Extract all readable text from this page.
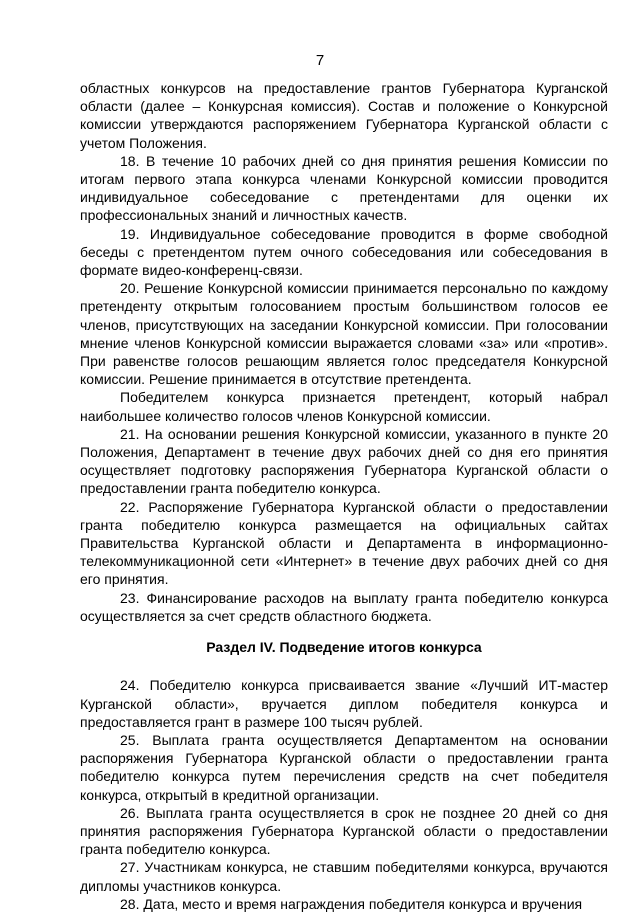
7

областных конкурсов на предоставление грантов Губернатора Курганской области (далее – Конкурсная комиссия). Состав и положение о Конкурсной комиссии утверждаются распоряжением Губернатора Курганской области с учетом Положения.

18. В течение 10 рабочих дней со дня принятия решения Комиссии по итогам первого этапа конкурса членами Конкурсной комиссии проводится индивидуальное собеседование с претендентами для оценки их профессиональных знаний и личностных качеств.

19. Индивидуальное собеседование проводится в форме свободной беседы с претендентом путем очного собеседования или собеседования в формате видео-конференц-связи.

20. Решение Конкурсной комиссии принимается персонально по каждому претенденту открытым голосованием простым большинством голосов ее членов, присутствующих на заседании Конкурсной комиссии. При голосовании мнение членов Конкурсной комиссии выражается словами «за» или «против». При равенстве голосов решающим является голос председателя Конкурсной комиссии. Решение принимается в отсутствие претендента.

Победителем конкурса признается претендент, который набрал наибольшее количество голосов членов Конкурсной комиссии.

21. На основании решения Конкурсной комиссии, указанного в пункте 20 Положения, Департамент в течение двух рабочих дней со дня его принятия осуществляет подготовку распоряжения Губернатора Курганской области о предоставлении гранта победителю конкурса.

22. Распоряжение Губернатора Курганской области о предоставлении гранта победителю конкурса размещается на официальных сайтах Правительства Курганской области и Департамента в информационно-телекоммуникационной сети «Интернет» в течение двух рабочих дней со дня его принятия.

23. Финансирование расходов на выплату гранта победителю конкурса осуществляется за счет средств областного бюджета.

Раздел IV. Подведение итогов конкурса

24. Победителю конкурса присваивается звание «Лучший ИТ-мастер Курганской области», вручается диплом победителя конкурса и предоставляется грант в размере 100 тысяч рублей.

25. Выплата гранта осуществляется Департаментом на основании распоряжения Губернатора Курганской области о предоставлении гранта победителю конкурса путем перечисления средств на счет победителя конкурса, открытый в кредитной организации.

26. Выплата гранта осуществляется в срок не позднее 20 дней со дня принятия распоряжения Губернатора Курганской области о предоставлении гранта победителю конкурса.

27. Участникам конкурса, не ставшим победителями конкурса, вручаются дипломы участников конкурса.

28. Дата, место и время награждения победителя конкурса и вручения
